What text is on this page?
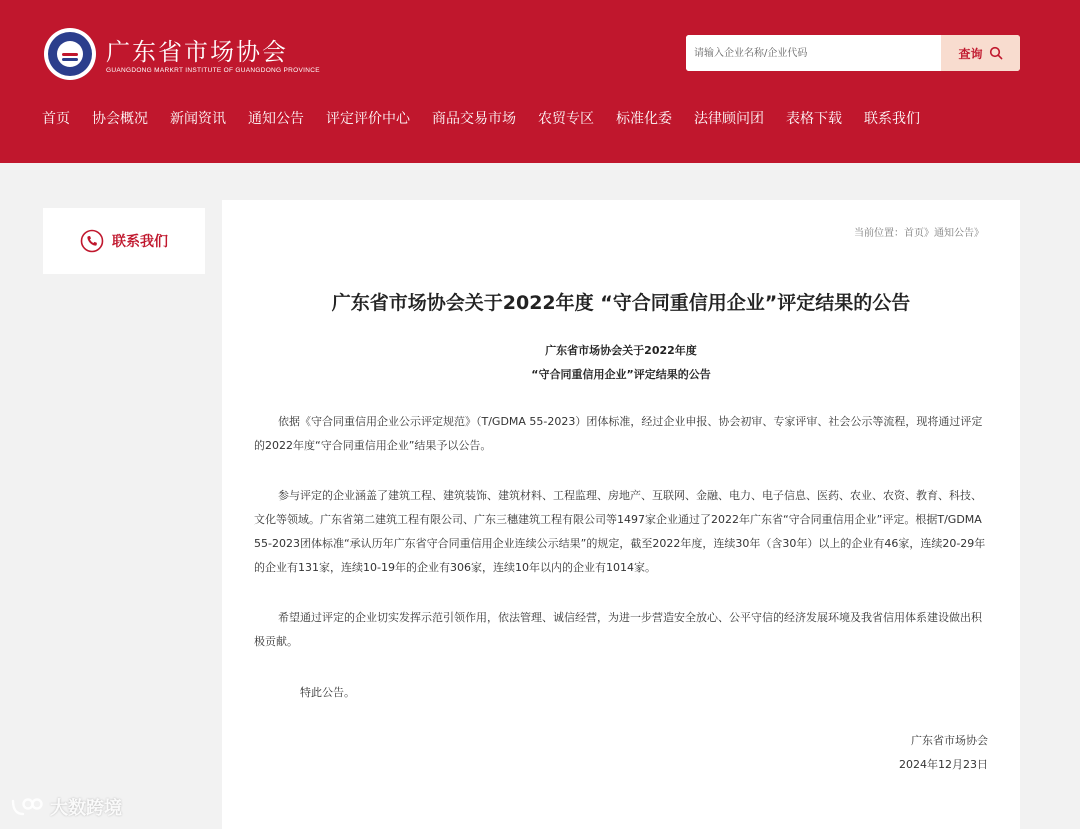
广东省市场协会
GUANGDONG MARKRT INSTITUTE OF GUANGDONG PROVINCE
请输入企业名称/企业代码
查询
首页 协会概况 新闻资讯 通知公告 评定评价中心 商品交易市场 农贸专区 标准化委 法律顾问团 表格下载 联系我们
联系我们
当前位置：首页》通知公告》
广东省市场协会关于2022年度 “守合同重信用企业”评定结果的公告
广东省市场协会关于2022年度
“守合同重信用企业”评定结果的公告

依据《守合同重信用企业公示评定规范》（T/GDMA 55-2023）团体标准，经过企业申报、协会初审、专家评审、社会公示等流程，现将通过评定的2022年度“守合同重信用企业”结果予以公告。

参与评定的企业涵盖了建筑工程、建筑装饰、建筑材料、工程监理、房地产、互联网、金融、电力、电子信息、医药、农业、农资、教育、科技、文化等领域。广东省第二建筑工程有限公司、广东三穗建筑工程有限公司等1497家企业通过了2022年广东省“守合同重信用企业”评定。根据T/GDMA 55-2023团体标准“承认历年广东省守合同重信用企业连续公示结果”的规定，截至2022年度，连续30年（含30年）以上的企业有46家，连续20-29年的企业有131家，连续10-19年的企业有306家，连续10年以内的企业有1014家。

希望通过评定的企业切实发挥示范引领作用，依法管理、诚信经营，为进一步营造安全放心、公平守信的经济发展环境及我省信用体系建设做出积极贡献。

特此公告。
广东省市场协会
2024年12月23日
大数跨境
